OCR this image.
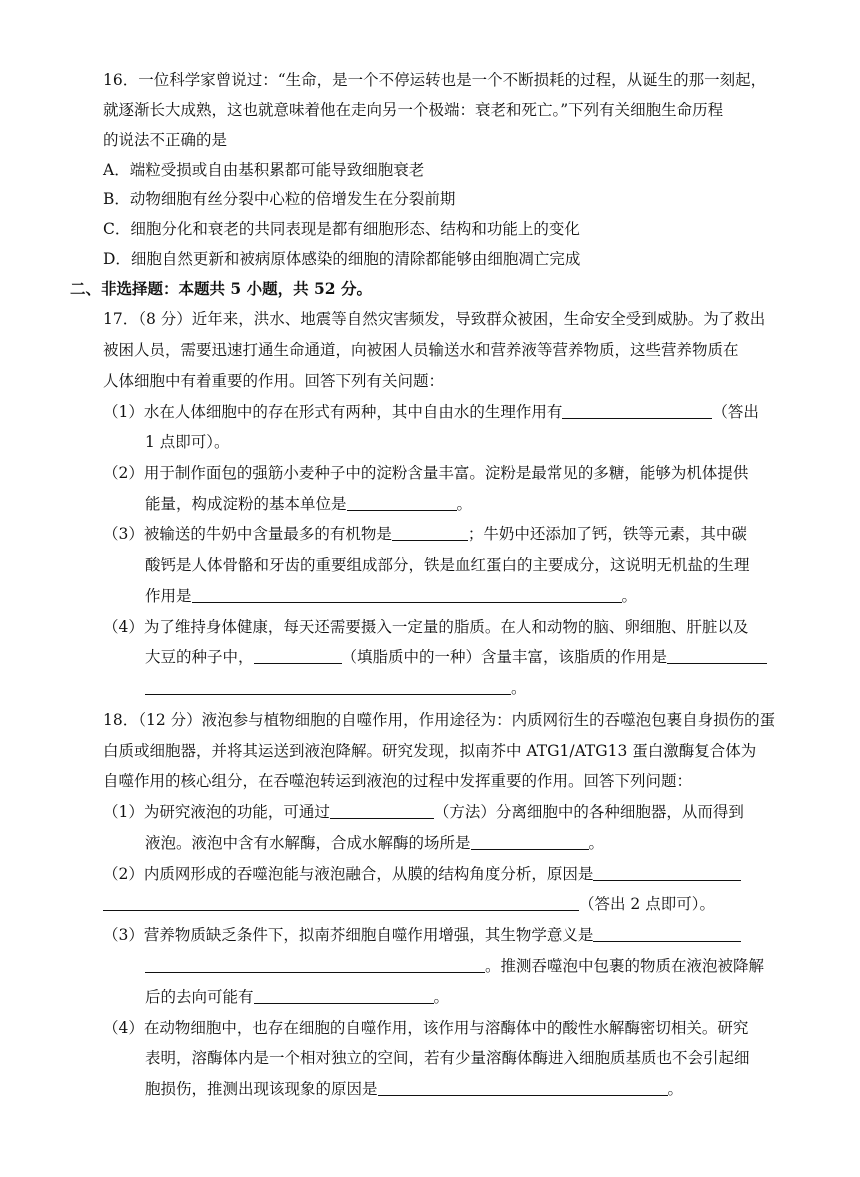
16．一位科学家曾说过：“生命，是一个不停运转也是一个不断损耗的过程，从诞生的那一刻起，
就逐渐长大成熟，这也就意味着他在走向另一个极端：衰老和死亡。”下列有关细胞生命历程
的说法不正确的是
A．端粒受损或自由基积累都可能导致细胞衰老
B．动物细胞有丝分裂中心粒的倍增发生在分裂前期
C．细胞分化和衰老的共同表现是都有细胞形态、结构和功能上的变化
D．细胞自然更新和被病原体感染的细胞的清除都能够由细胞凋亡完成
二、非选择题：本题共 5 小题，共 52 分。
17．（8 分）近年来，洪水、地震等自然灾害频发，导致群众被困，生命安全受到威胁。为了救出
被困人员，需要迅速打通生命通道，向被困人员输送水和营养液等营养物质，这些营养物质在
人体细胞中有着重要的作用。回答下列有关问题：
（1）水在人体细胞中的存在形式有两种，其中自由水的生理作用有	（答出
1 点即可）。
（2）用于制作面包的强筋小麦种子中的淀粉含量丰富。淀粉是最常见的多糖，能够为机体提供
能量，构成淀粉的基本单位是	。
（3）被输送的牛奶中含量最多的有机物是	；牛奶中还添加了钙，铁等元素，其中碳
酸钙是人体骨骼和牙齿的重要组成部分，铁是血红蛋白的主要成分，这说明无机盐的生理
作用是	。
（4）为了维持身体健康，每天还需要摄入一定量的脂质。在人和动物的脑、卵细胞、肝脏以及
大豆的种子中，	（填脂质中的一种）含量丰富，该脂质的作用是
。
18．（12 分）液泡参与植物细胞的自噬作用，作用途径为：内质网衍生的吞噬泡包裹自身损伤的蛋
白质或细胞器，并将其运送到液泡降解。研究发现，拟南芥中 ATG1/ATG13 蛋白激酶复合体为
自噬作用的核心组分，在吞噬泡转运到液泡的过程中发挥重要的作用。回答下列问题：
（1）为研究液泡的功能，可通过	（方法）分离细胞中的各种细胞器，从而得到
液泡。液泡中含有水解酶，合成水解酶的场所是	。
（2）内质网形成的吞噬泡能与液泡融合，从膜的结构角度分析，原因是
（答出 2 点即可）。
（3）营养物质缺乏条件下，拟南芥细胞自噬作用增强，其生物学意义是
。推测吞噬泡中包裹的物质在液泡被降解
后的去向可能有	。
（4）在动物细胞中，也存在细胞的自噬作用，该作用与溶酶体中的酸性水解酶密切相关。研究
表明，溶酶体内是一个相对独立的空间，若有少量溶酶体酶进入细胞质基质也不会引起细
胞损伤，推测出现该现象的原因是	。
